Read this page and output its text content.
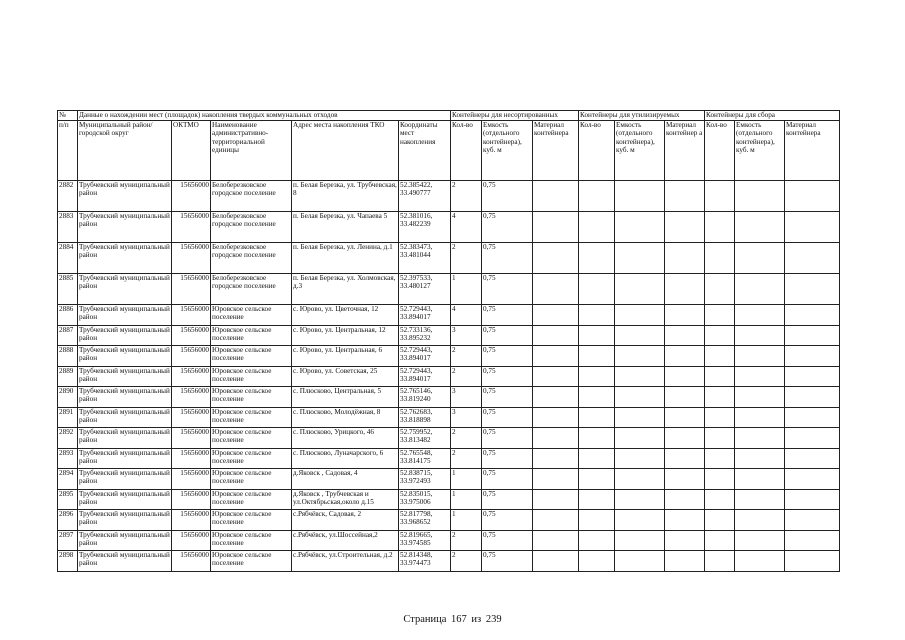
№	Данные о нахождении мест (площадок) накопления твердых коммунальных отходов					Контейнеры для несортированных			Контейнеры для утилизируемых			Контейнеры для сбора		
п/п	Муниципальный район/городской округ	ОКТМО	Наименование административно-территориальной единицы	Адрес места накопления ТКО	Координаты мест накопления	Кол-во	Емкость (отдельного контейнера), куб. м	Материал контейнера	Кол-во	Емкость (отдельного контейнера), куб. м	Материал контейнер а	Кол-во	Емкость (отдельного контейнера), куб. м	Материал контейнера
2882	Трубчевский муниципальный район	15656000	Белоберезковское городское поселение	п. Белая Березка, ул. Трубчевская, 8	52.385422, 33.490777	2	0,75							
2883	Трубчевский муниципальный район	15656000	Белоберезковское городское поселение	п. Белая Березка, ул. Чапаева 5	52.381016, 33.482239	4	0,75							
2884	Трубчевский муниципальный район	15656000	Белоберезковское городское поселение	п. Белая Березка, ул. Ленина, д.1	52.383473, 33.481044	2	0,75							
2885	Трубчевский муниципальный район	15656000	Белоберезковское городское поселение	п. Белая Березка, ул. Холмовская, д.3	52.397533, 33.480127	1	0,75							
2886	Трубчевский муниципальный район	15656000	Юровское сельское поселение	с. Юрово, ул. Цветочная, 12	52.729443, 33.894017	4	0,75							
2887	Трубчевский муниципальный район	15656000	Юровское сельское поселение	с. Юрово, ул. Центральная, 12	52.733136, 33.895232	3	0,75							
2888	Трубчевский муниципальный район	15656000	Юровское сельское поселение	с. Юрово, ул. Центральная, 6	52.729443, 33.894017	2	0,75							
2889	Трубчевский муниципальный район	15656000	Юровское сельское поселение	с. Юрово, ул. Советская, 25	52.729443, 33.894017	2	0,75							
2890	Трубчевский муниципальный район	15656000	Юровское сельское поселение	с. Плюсково, Центральная, 5	52.765146, 33.819240	3	0,75							
2891	Трубчевский муниципальный район	15656000	Юровское сельское поселение	с. Плюсково, Молодёжная, 8	52.762683, 33.818898	3	0,75							
2892	Трубчевский муниципальный район	15656000	Юровское сельское поселение	с. Плюсково, Урицкого, 46	52.759952, 33.813482	2	0,75							
2893	Трубчевский муниципальный район	15656000	Юровское сельское поселение	с. Плюсково, Луначарского, 6	52.765548, 33.814175	2	0,75							
2894	Трубчевский муниципальный район	15656000	Юровское сельское поселение	д.Яковск , Садовая, 4	52.838715, 33.972493	1	0,75							
2895	Трубчевский муниципальный район	15656000	Юровское сельское поселение	д.Яковск , Трубчевская и ул.Октябрьская,около д.15	52.835015, 33.975006	1	0,75							
2896	Трубчевский муниципальный район	15656000	Юровское сельское поселение	с.Рябчёвск, Садовая, 2	52.817798, 33.968652	1	0,75							
2897	Трубчевский муниципальный район	15656000	Юровское сельское поселение	с.Рябчёвск, ул.Шоссейная,2	52.819665, 33.974585	2	0,75							
2898	Трубчевский муниципальный район	15656000	Юровское сельское поселение	с.Рябчёвск, ул.Строительная, д.2	52.814348, 33.974473	2	0,75							
Страница 167 из 239
